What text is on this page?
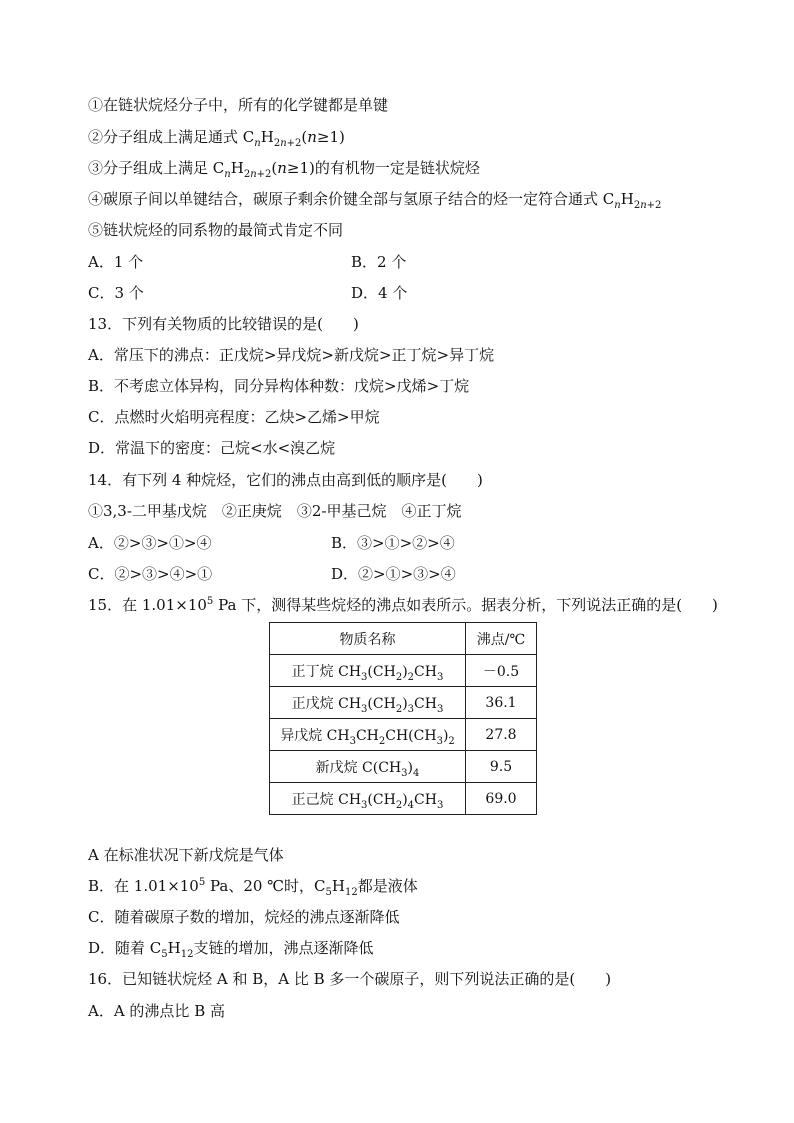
①在链状烷烃分子中，所有的化学键都是单键
②分子组成上满足通式 $C_nH_{2n+2}(n\ge 1)$
③分子组成上满足 $C_nH_{2n+2}(n\ge 1)$的有机物一定是链状烷烃
④碳原子间以单键结合，碳原子剩余价键全部与氢原子结合的烃一定符合通式 $C_nH_{2n+2}$
⑤链状烷烃的同系物的最简式肯定不同
A．1 个	B．2 个
C．3 个	D．4 个
13．下列有关物质的比较错误的是(　　)
A．常压下的沸点：正戊烷>异戊烷>新戊烷>正丁烷>异丁烷
B．不考虑立体异构，同分异构体种数：戊烷>戊烯>丁烷
C．点燃时火焰明亮程度：乙炔>乙烯>甲烷
D．常温下的密度：己烷<水<溴乙烷
14．有下列 4 种烷烃，它们的沸点由高到低的顺序是(　　)
①3,3-二甲基戊烷　②正庚烷　③2-甲基己烷　④正丁烷
A．②>③>①>④	B．③>①>②>④
C．②>③>④>①	D．②>①>③>④
15．在 $1.01\times 10^5$ Pa 下，测得某些烷烃的沸点如表所示。据表分析，下列说法正确的是(　　)
物质名称	沸点/℃
正丁烷 $CH_3(CH_2)_2CH_3$	－0.5
正戊烷 $CH_3(CH_2)_3CH_3$	36.1
异戊烷 $CH_3CH_2CH(CH_3)_2$	27.8
新戊烷 $C(CH_3)_4$	9.5
正己烷 $CH_3(CH_2)_4CH_3$	69.0
A 在标准状况下新戊烷是气体
B．在 $1.01\times 10^5$ Pa、20 ℃时，$C_5H_{12}$都是液体
C．随着碳原子数的增加，烷烃的沸点逐渐降低
D．随着 $C_5H_{12}$支链的增加，沸点逐渐降低
16．已知链状烷烃 A 和 B，A 比 B 多一个碳原子，则下列说法正确的是(　　)
A．A 的沸点比 B 高
